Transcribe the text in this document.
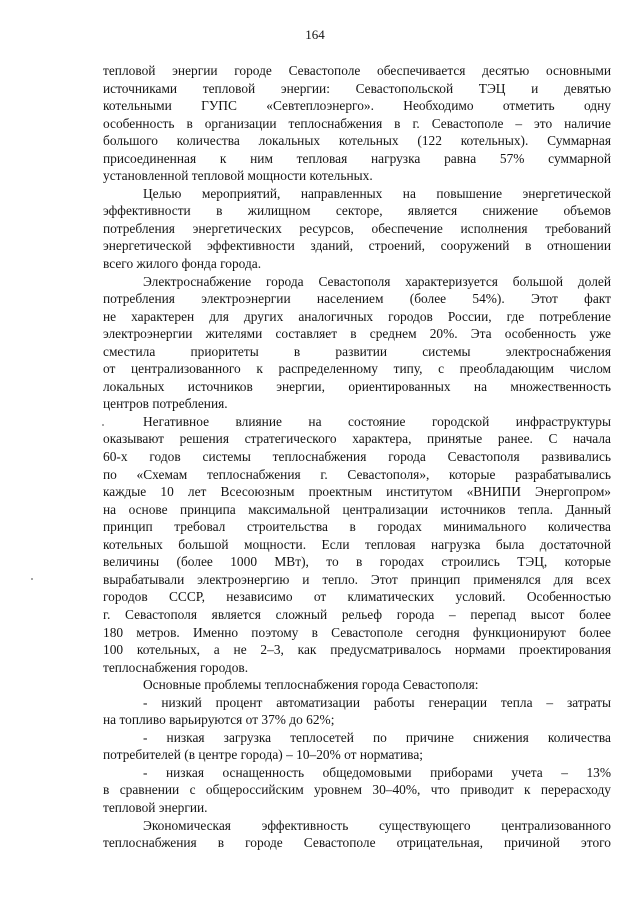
164
тепловой энергии городе Севастополе обеспечивается десятью основными
источниками тепловой энергии: Севастопольской ТЭЦ и девятью
котельными ГУПС «Севтеплоэнерго». Необходимо отметить одну
особенность в организации теплоснабжения в г. Севастополе – это наличие
большого количества локальных котельных (122 котельных). Суммарная
присоединенная к ним тепловая нагрузка равна 57% суммарной
установленной тепловой мощности котельных.
Целью мероприятий, направленных на повышение энергетической
эффективности в жилищном секторе, является снижение объемов
потребления энергетических ресурсов, обеспечение исполнения требований
энергетической эффективности зданий, строений, сооружений в отношении
всего жилого фонда города.
Электроснабжение города Севастополя характеризуется большой долей
потребления электроэнергии населением (более 54%). Этот факт
не характерен для других аналогичных городов России, где потребление
электроэнергии жителями составляет в среднем 20%. Эта особенность уже
сместила приоритеты в развитии системы электроснабжения
от централизованного к распределенному типу, с преобладающим числом
локальных источников энергии, ориентированных на множественность
центров потребления.
Негативное влияние на состояние городской инфраструктуры
оказывают решения стратегического характера, принятые ранее. С начала
60-х годов системы теплоснабжения города Севастополя развивались
по «Схемам теплоснабжения г. Севастополя», которые разрабатывались
каждые 10 лет Всесоюзным проектным институтом «ВНИПИ Энергопром»
на основе принципа максимальной централизации источников тепла. Данный
принцип требовал строительства в городах минимального количества
котельных большой мощности. Если тепловая нагрузка была достаточной
величины (более 1000 МВт), то в городах строились ТЭЦ, которые
вырабатывали электроэнергию и тепло. Этот принцип применялся для всех
городов СССР, независимо от климатических условий. Особенностью
г. Севастополя является сложный рельеф города – перепад высот более
180 метров. Именно поэтому в Севастополе сегодня функционируют более
100 котельных, а не 2–3, как предусматривалось нормами проектирования
теплоснабжения городов.
Основные проблемы теплоснабжения города Севастополя:
- низкий процент автоматизации работы генерации тепла – затраты
на топливо варьируются от 37% до 62%;
- низкая загрузка теплосетей по причине снижения количества
потребителей (в центре города) – 10–20% от норматива;
- низкая оснащенность общедомовыми приборами учета – 13%
в сравнении с общероссийским уровнем 30–40%, что приводит к перерасходу
тепловой энергии.
Экономическая эффективность существующего централизованного
теплоснабжения в городе Севастополе отрицательная, причиной этого
